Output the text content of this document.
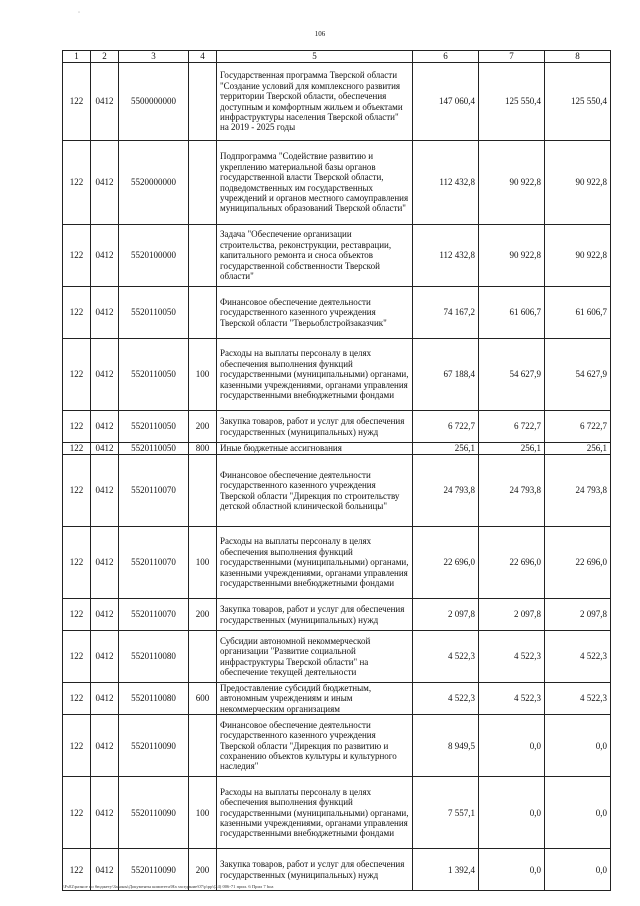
ˇ
106
1	2	3	4	5	6	7	8
122	0412	5500000000		Государственная программа Тверской области "Создание условий для комплексного развития территории Тверской области, обеспечения доступным и комфортным жильем и объектами инфраструктуры населения Тверской области" на 2019 - 2025 годы	147 060,4	125 550,4	125 550,4
122	0412	5520000000		Подпрограмма "Содействие развитию и укреплению материальной базы органов государственной власти Тверской области, подведомственных им государственных учреждений и органов местного самоуправления муниципальных образований Тверской области"	112 432,8	90 922,8	90 922,8
122	0412	5520100000		Задача "Обеспечение организации строительства, реконструкции, реставрации, капитального ремонта и сноса объектов государственной собственности Тверской области"	112 432,8	90 922,8	90 922,8
122	0412	5520110050		Финансовое обеспечение деятельности государственного казенного учреждения Тверской области "Тверьоблстройзаказчик"	74 167,2	61 606,7	61 606,7
122	0412	5520110050	100	Расходы на выплаты персоналу в целях обеспечения выполнения функций государственными (муниципальными) органами, казенными учреждениями, органами управления государственными внебюджетными фондами	67 188,4	54 627,9	54 627,9
122	0412	5520110050	200	Закупка товаров, работ и услуг для обеспечения государственных (муниципальных) нужд	6 722,7	6 722,7	6 722,7
122	0412	5520110050	800	Иные бюджетные ассигнования	256,1	256,1	256,1
122	0412	5520110070		Финансовое обеспечение деятельности государственного казенного учреждения Тверской области "Дирекция по строительству детской областной клинической больницы"	24 793,8	24 793,8	24 793,8
122	0412	5520110070	100	Расходы на выплаты персоналу в целях обеспечения выполнения функций государственными (муниципальными) органами, казенными учреждениями, органами управления государственными внебюджетными фондами	22 696,0	22 696,0	22 696,0
122	0412	5520110070	200	Закупка товаров, работ и услуг для обеспечения государственных (муниципальных) нужд	2 097,8	2 097,8	2 097,8
122	0412	5520110080		Субсидии автономной некоммерческой организации "Развитие социальной инфраструктуры Тверской области" на обеспечение текущей деятельности	4 522,3	4 522,3	4 522,3
122	0412	5520110080	600	Предоставление субсидий бюджетным, автономным учреждениям и иным некоммерческим организациям	4 522,3	4 522,3	4 522,3
122	0412	5520110090		Финансовое обеспечение деятельности государственного казенного учреждения Тверской области "Дирекция по развитию и сохранению объектов культуры и культурного наследия"	8 949,5	0,0	0,0
122	0412	5520110090	100	Расходы на выплаты персоналу в целях обеспечения выполнения функций государственными (муниципальными) органами, казенными учреждениями, органами управления государственными внебюджетными фондами	7 557,1	0,0	0,0
122	0412	5520110090	200	Закупка товаров, работ и услуг для обеспечения государственных (муниципальных) нужд	1 392,4	0,0	0,0
\\Fs02\разное по бюджету\Законы\Документы комитета\На заседание\07\р\рр\(24) 006-71 прил. 6 Прил 7 boa
